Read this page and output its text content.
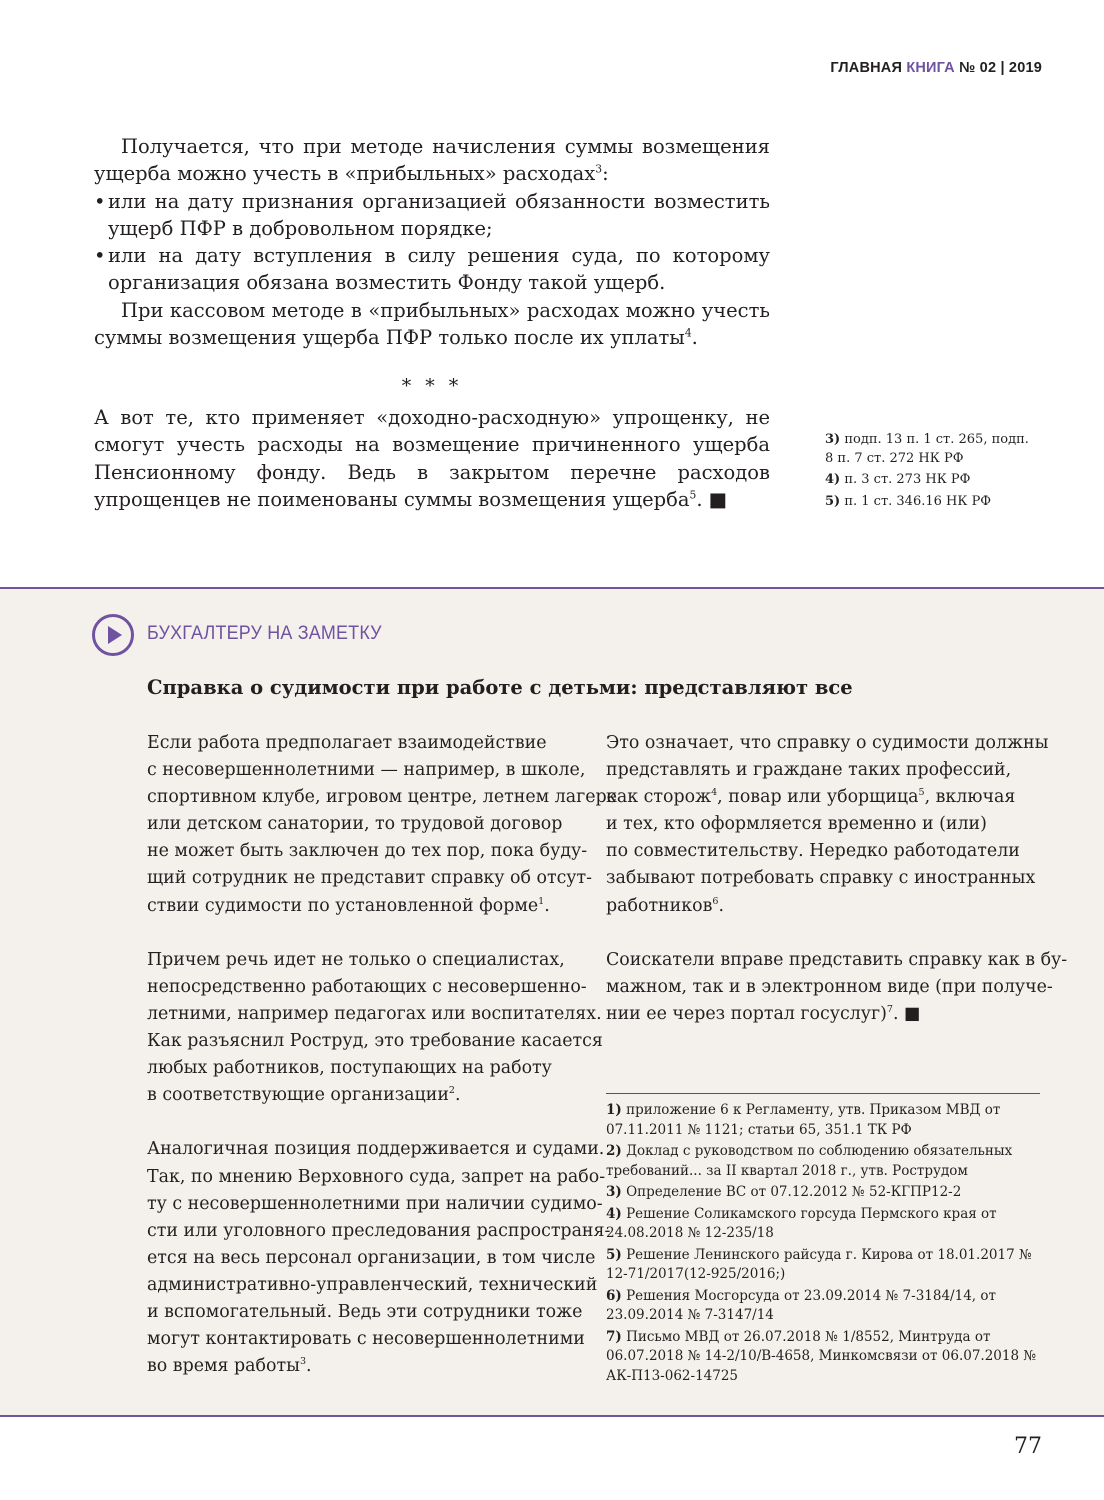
ГЛАВНАЯ КНИГА № 02 | 2019

Получается, что при методе начисления суммы возмещения ущерба можно учесть в «прибыльных» расходах$^3$:

• или на дату признания организацией обязанности возместить ущерб ПФР в добровольном порядке;
• или на дату вступления в силу решения суда, по которому организация обязана возместить Фонду такой ущерб.

При кассовом методе в «прибыльных» расходах можно учесть суммы возмещения ущерба ПФР только после их уплаты$^4$.

* * *

А вот те, кто применяет «доходно-расходную» упрощенку, не смогут учесть расходы на возмещение причиненного ущерба Пенсионному фонду. Ведь в закрытом перечне расходов упрощенцев не поименованы суммы возмещения ущерба$^5$. ■

3) подп. 13 п. 1 ст. 265, подп. 8 п. 7 ст. 272 НК РФ
4) п. 3 ст. 273 НК РФ
5) п. 1 ст. 346.16 НК РФ
БУХГАЛТЕРУ НА ЗАМЕТКУ
Справка о судимости при работе с детьми: представляют все

Если работа предполагает взаимодействие
с несовершеннолетними — например, в школе,
спортивном клубе, игровом центре, летнем лагере
или детском санатории, то трудовой договор
не может быть заключен до тех пор, пока буду-
щий сотрудник не представит справку об отсут-
ствии судимости по установленной форме$^1$.

Причем речь идет не только о специалистах,
непосредственно работающих с несовершенно-
летними, например педагогах или воспитателях.
Как разъяснил Роструд, это требование касается
любых работников, поступающих на работу
в соответствующие организации$^2$.

Аналогичная позиция поддерживается и судами.
Так, по мнению Верховного суда, запрет на рабо-
ту с несовершеннолетними при наличии судимо-
сти или уголовного преследования распространя-
ется на весь персонал организации, в том числе
административно-управленческий, технический
и вспомогательный. Ведь эти сотрудники тоже
могут контактировать с несовершеннолетними
во время работы$^3$.

Это означает, что справку о судимости должны
представлять и граждане таких профессий,
как сторож$^4$, повар или уборщица$^5$, включая
и тех, кто оформляется временно и (или)
по совместительству. Нередко работодатели
забывают потребовать справку с иностранных
работников$^6$.

Соискатели вправе представить справку как в бу-
мажном, так и в электронном виде (при получе-
нии ее через портал госуслуг)$^7$. ■

1) приложение 6 к Регламенту, утв. Приказом МВД от 07.11.2011 № 1121; статьи 65, 351.1 ТК РФ
2) Доклад с руководством по соблюдению обязательных требований... за II квартал 2018 г., утв. Рострудом
3) Определение ВС от 07.12.2012 № 52-КГПР12-2
4) Решение Соликамского горсуда Пермского края от 24.08.2018 № 12-235/18
5) Решение Ленинского райсуда г. Кирова от 18.01.2017 № 12-71/2017(12-925/2016;)
6) Решения Мосгорсуда от 23.09.2014 № 7-3184/14, от 23.09.2014 № 7-3147/14
7) Письмо МВД от 26.07.2018 № 1/8552, Минтруда от 06.07.2018 № 14-2/10/В-4658, Минкомсвязи от 06.07.2018 № АК-П13-062-14725
77
